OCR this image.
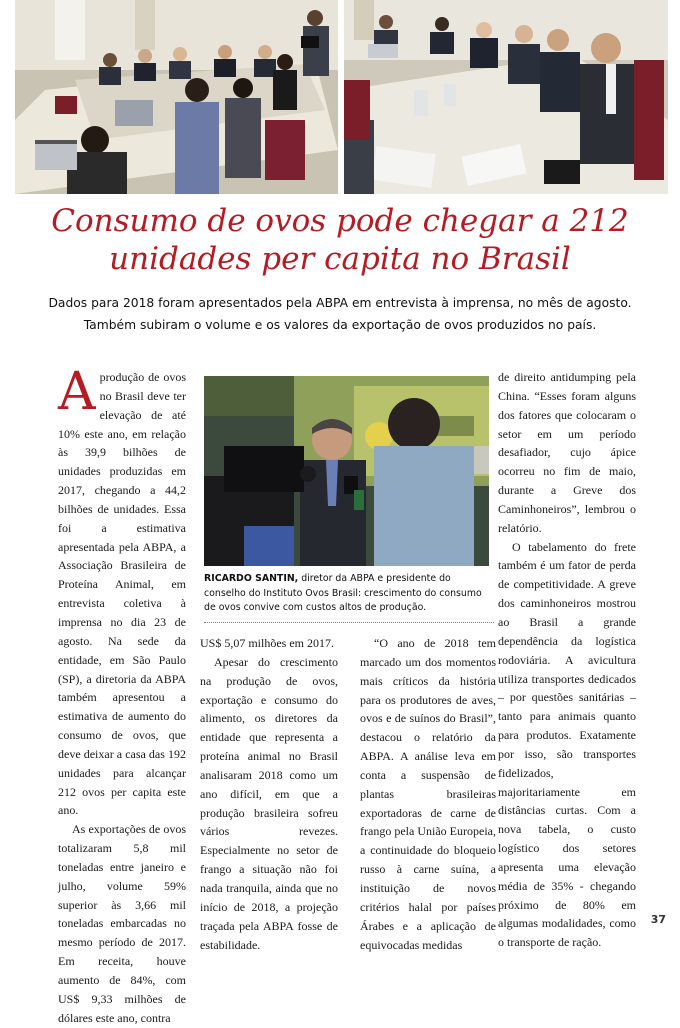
Consumo de ovos pode chegar a 212
unidades per capita no Brasil
Dados para 2018 foram apresentados pela ABPA em entrevista à imprensa, no mês de agosto.
Também subiram o volume e os valores da exportação de ovos produzidos no país.

Aprodução de ovos no Brasil deve ter elevação de até 10% este ano, em relação às 39,9 bilhões de unidades produzidas em 2017, chegando a 44,2 bilhões de unidades. Essa foi a estimativa apresentada pela ABPA, a Associação Brasileira de Proteína Animal, em entrevista coletiva à imprensa no dia 23 de agosto. Na sede da entidade, em São Paulo (SP), a diretoria da ABPA também apresentou a estimativa de aumento do consumo de ovos, que deve deixar a casa das 192 unidades para alcançar 212 ovos per capita este ano.

As exportações de ovos totalizaram 5,8 mil toneladas entre janeiro e julho, volume 59% superior às 3,66 mil toneladas embarcadas no mesmo período de 2017. Em receita, houve aumento de 84%, com US$ 9,33 milhões de dólares este ano, contra

RICARDO SANTIN, diretor da ABPA e presidente do conselho do Instituto Ovos Brasil: crescimento do consumo de ovos convive com custos altos de produção.

US$ 5,07 milhões em 2017.

Apesar do crescimento na produção de ovos, exportação e consumo do alimento, os diretores da entidade que representa a proteína animal no Brasil analisaram 2018 como um ano difícil, em que a produção brasileira sofreu vários revezes. Especialmente no setor de frango a situação não foi nada tranquila, ainda que no início de 2018, a projeção traçada pela ABPA fosse de estabilidade.

“O ano de 2018 tem marcado um dos momentos mais críticos da história para os produtores de aves, ovos e de suínos do Brasil”, destacou o relatório da ABPA. A análise leva em conta a suspensão de plantas brasileiras exportadoras de carne de frango pela União Europeia, a continuidade do bloqueio russo à carne suína, a instituição de novos critérios halal por países Árabes e a aplicação de equivocadas medidas

de direito antidumping pela China. “Esses foram alguns dos fatores que colocaram o setor em um período desafiador, cujo ápice ocorreu no fim de maio, durante a Greve dos Caminhoneiros”, lembrou o relatório.

O tabelamento do frete também é um fator de perda de competitividade. A greve dos caminhoneiros mostrou ao Brasil a grande dependência da logística rodoviária. A avicultura utiliza transportes dedicados – por questões sanitárias – tanto para animais quanto para produtos. Exatamente por isso, são transportes fidelizados, majoritariamente em distâncias curtas. Com a nova tabela, o custo logístico dos setores apresenta uma elevação média de 35% - chegando próximo de 80% em algumas modalidades, como o transporte de ração.

37
